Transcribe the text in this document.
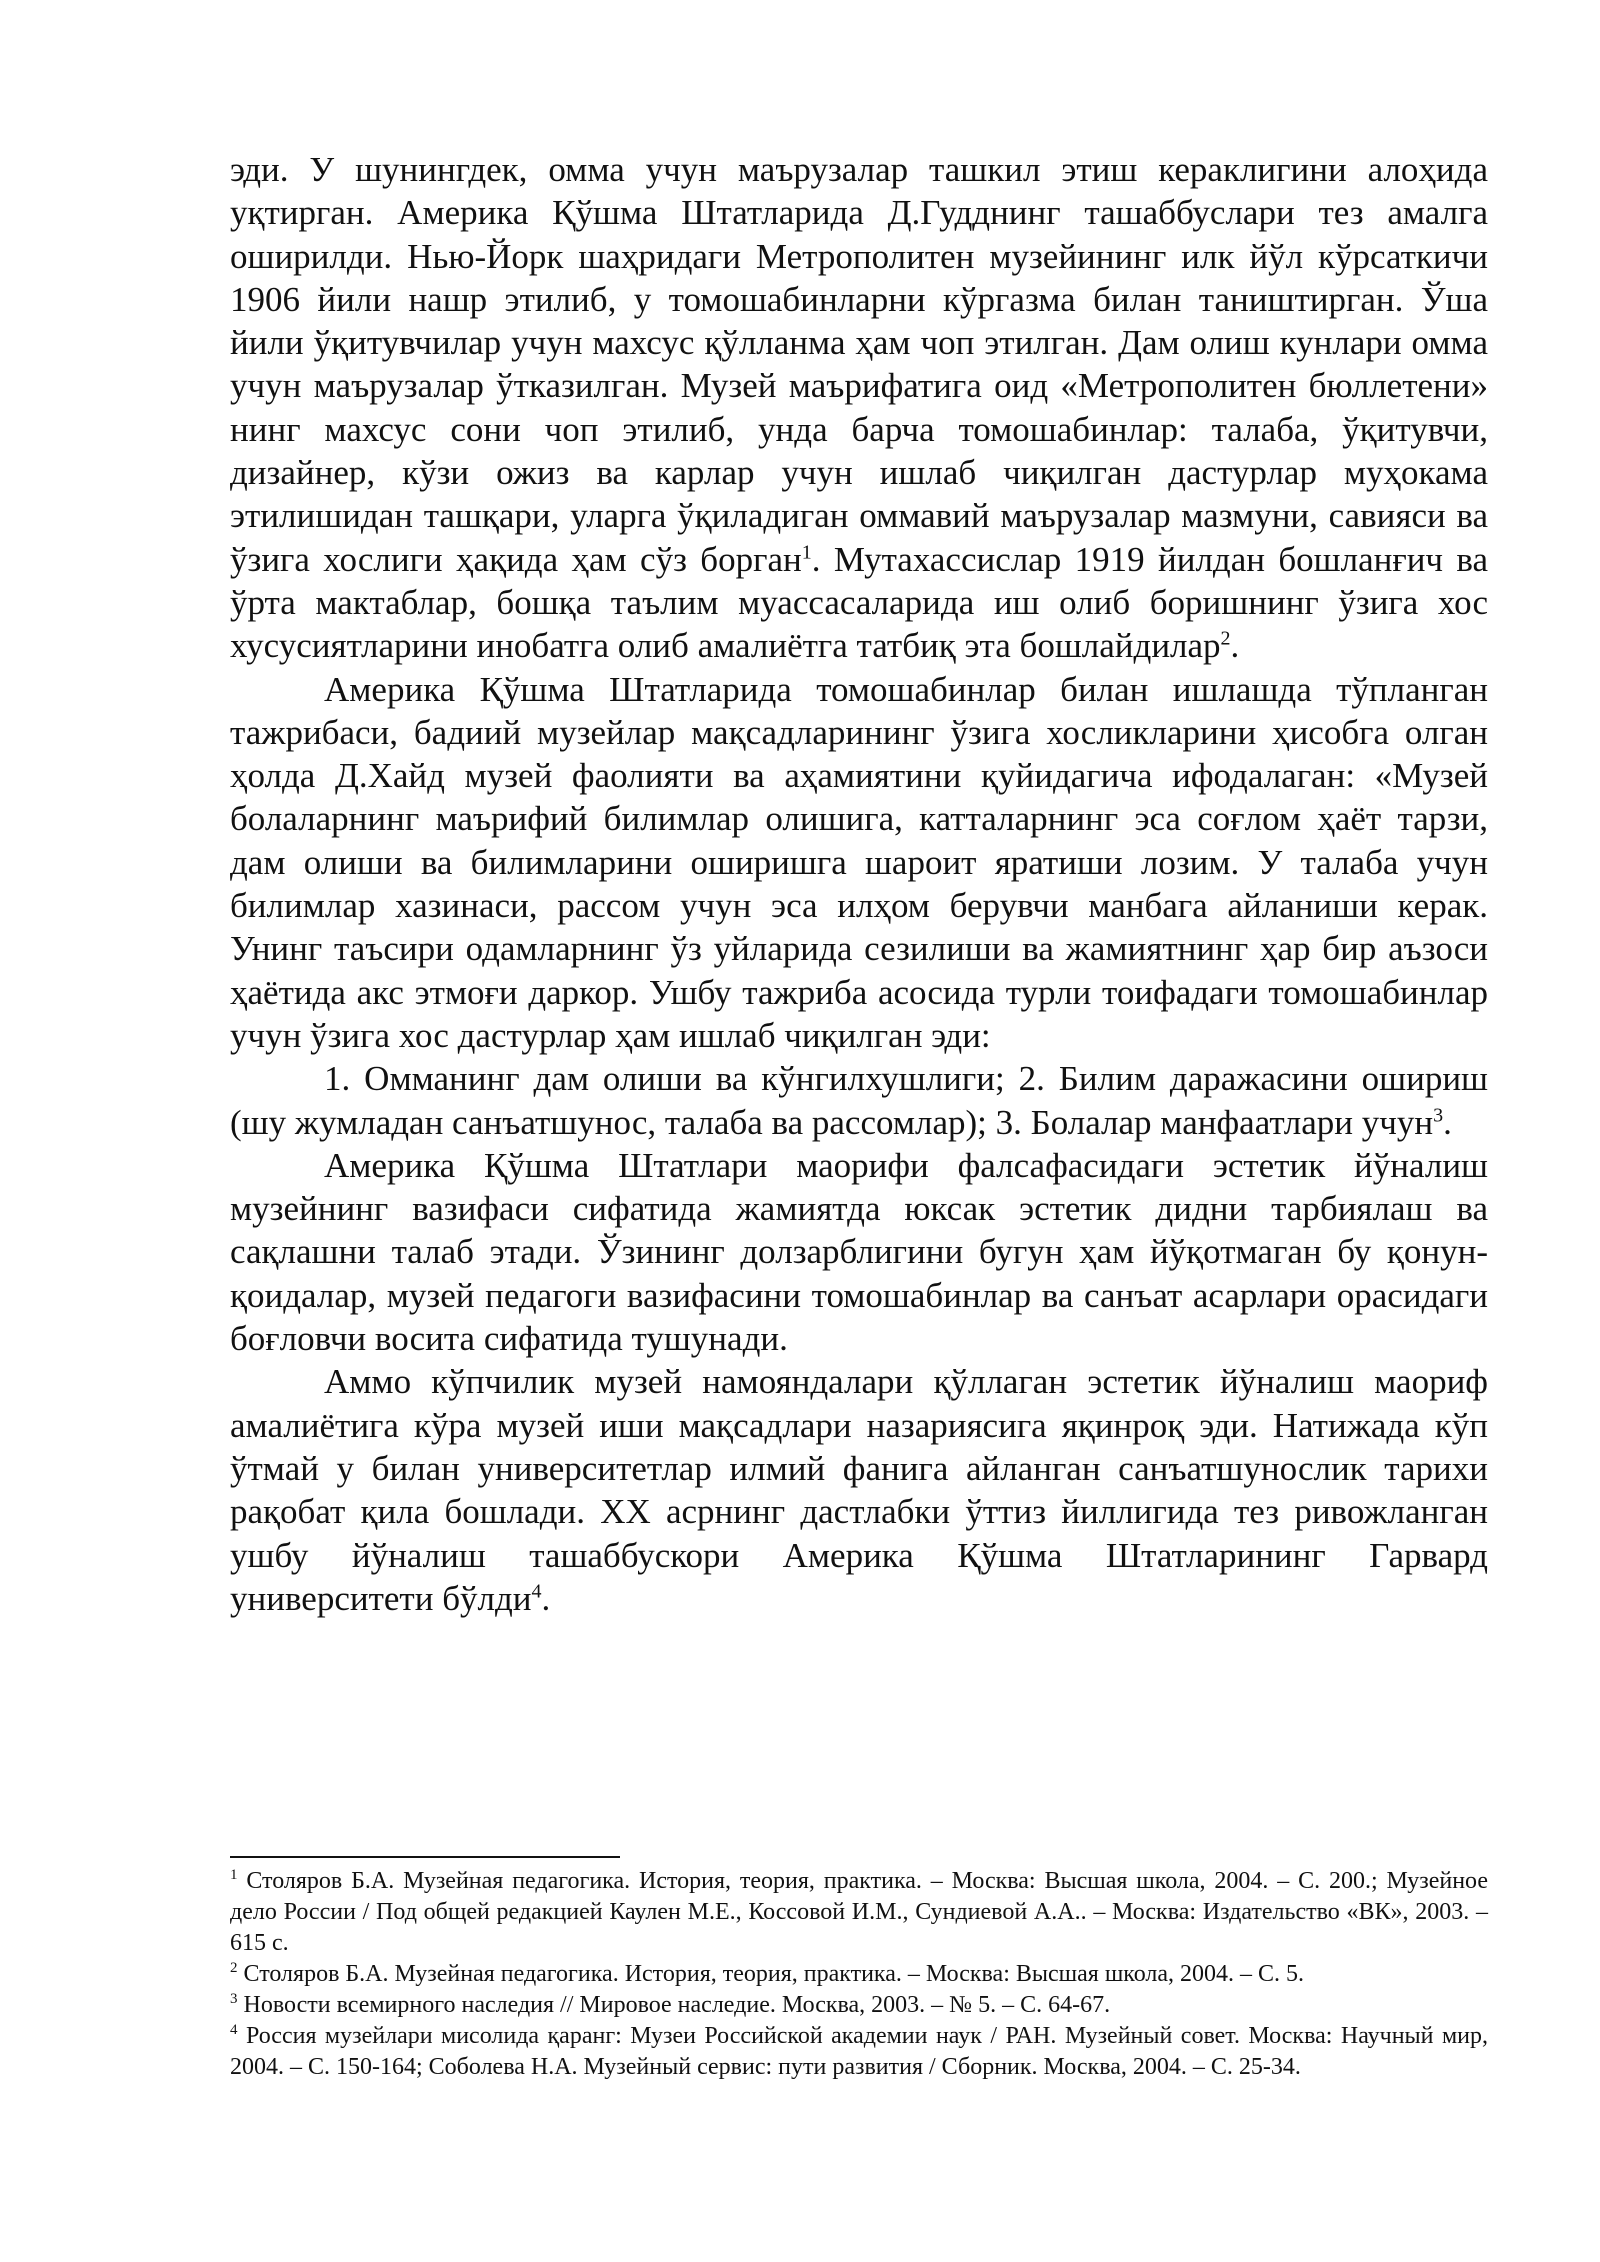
эди. У шунингдек, омма учун маърузалар ташкил этиш кераклигини алоҳида уқтирган. Америка Қўшма Штатларида Д.Гудднинг ташаббуслари тез амалга оширилди. Нью-Йорк шаҳридаги Метрополитен музейининг илк йўл кўрсаткичи 1906 йили нашр этилиб, у томошабинларни кўргазма билан таништирган. Ўша йили ўқитувчилар учун махсус қўлланма ҳам чоп этилган. Дам олиш кунлари омма учун маърузалар ўтказилган. Музей маърифатига оид «Метрополитен бюллетени» нинг махсус сони чоп этилиб, унда барча томошабинлар: талаба, ўқитувчи, дизайнер, кўзи ожиз ва карлар учун ишлаб чиқилган дастурлар муҳокама этилишидан ташқари, уларга ўқиладиган оммавий маърузалар мазмуни, савияси ва ўзига хослиги ҳақида ҳам сўз борган$^1$. Мутахассислар 1919 йилдан бошланғич ва ўрта мактаблар, бошқа таълим муассасаларида иш олиб боришнинг ўзига хос хусусиятларини инобатга олиб амалиётга татбиқ эта бошлайдилар$^2$.

Америка Қўшма Штатларида томошабинлар билан ишлашда тўпланган тажрибаси, бадиий музейлар мақсадларининг ўзига хосликларини ҳисобга олган ҳолда Д.Хайд музей фаолияти ва аҳамиятини қуйидагича ифодалаган: «Музей болаларнинг маърифий билимлар олишига, катталарнинг эса соғлом ҳаёт тарзи, дам олиши ва билимларини оширишга шароит яратиши лозим. У талаба учун билимлар хазинаси, рассом учун эса илҳом берувчи манбага айланиши керак. Унинг таъсири одамларнинг ўз уйларида сезилиши ва жамиятнинг ҳар бир аъзоси ҳаётида акс этмоғи даркор. Ушбу тажриба асосида турли тоифадаги томошабинлар учун ўзига хос дастурлар ҳам ишлаб чиқилган эди:

1. Омманинг дам олиши ва кўнгилхушлиги; 2. Билим даражасини ошириш (шу жумладан санъатшунос, талаба ва рассомлар); 3. Болалар манфаатлари учун$^3$.

Америка Қўшма Штатлари маорифи фалсафасидаги эстетик йўналиш музейнинг вазифаси сифатида жамиятда юксак эстетик дидни тарбиялаш ва сақлашни талаб этади. Ўзининг долзарблигини бугун ҳам йўқотмаган бу қонун-қоидалар, музей педагоги вазифасини томошабинлар ва санъат асарлари орасидаги боғловчи восита сифатида тушунади.

Аммо кўпчилик музей намояндалари қўллаган эстетик йўналиш маориф амалиётига кўра музей иши мақсадлари назариясига яқинроқ эди. Натижада кўп ўтмай у билан университетлар илмий фанига айланган санъатшунослик тарихи рақобат қила бошлади. XX асрнинг дастлабки ўттиз йиллигида тез ривожланган ушбу йўналиш ташаббускори Америка Қўшма Штатларининг Гарвард университети бўлди$^4$.

$^1$ Столяров Б.А. Музейная педагогика. История, теория, практика. – Москва: Высшая школа, 2004. – С. 200.; Музейное дело России / Под общей редакцией Каулен М.Е., Коссовой И.М., Сундиевой А.А.. – Москва: Издательство «ВК», 2003. – 615 с.

$^2$ Столяров Б.А. Музейная педагогика. История, теория, практика. – Москва: Высшая школа, 2004. – С. 5.

$^3$ Новости всемирного наследия // Мировое наследие. Москва, 2003. – № 5. – С. 64-67.

$^4$ Россия музейлари мисолида қаранг: Музеи Российской академии наук / РАН. Музейный совет. Москва: Научный мир, 2004. – С. 150-164; Соболева Н.А. Музейный сервис: пути развития / Сборник. Москва, 2004. – С. 25-34.
